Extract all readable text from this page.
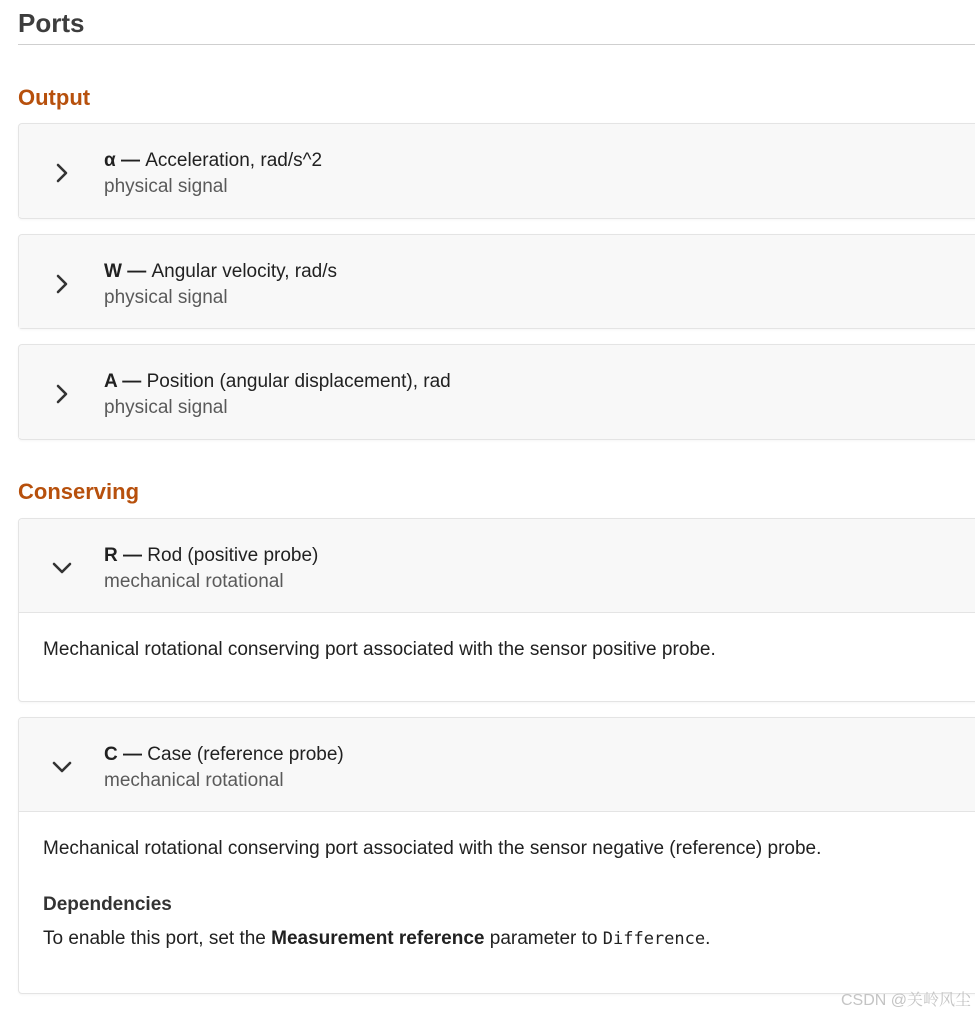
Ports
Output
α — Acceleration, rad/s^2
physical signal
W — Angular velocity, rad/s
physical signal
A — Position (angular displacement), rad
physical signal
Conserving
R — Rod (positive probe)
mechanical rotational

Mechanical rotational conserving port associated with the sensor positive probe.

C — Case (reference probe)
mechanical rotational

Mechanical rotational conserving port associated with the sensor negative (reference) probe.

Dependencies

To enable this port, set the Measurement reference parameter to Difference.

CSDN @关岭风尘
